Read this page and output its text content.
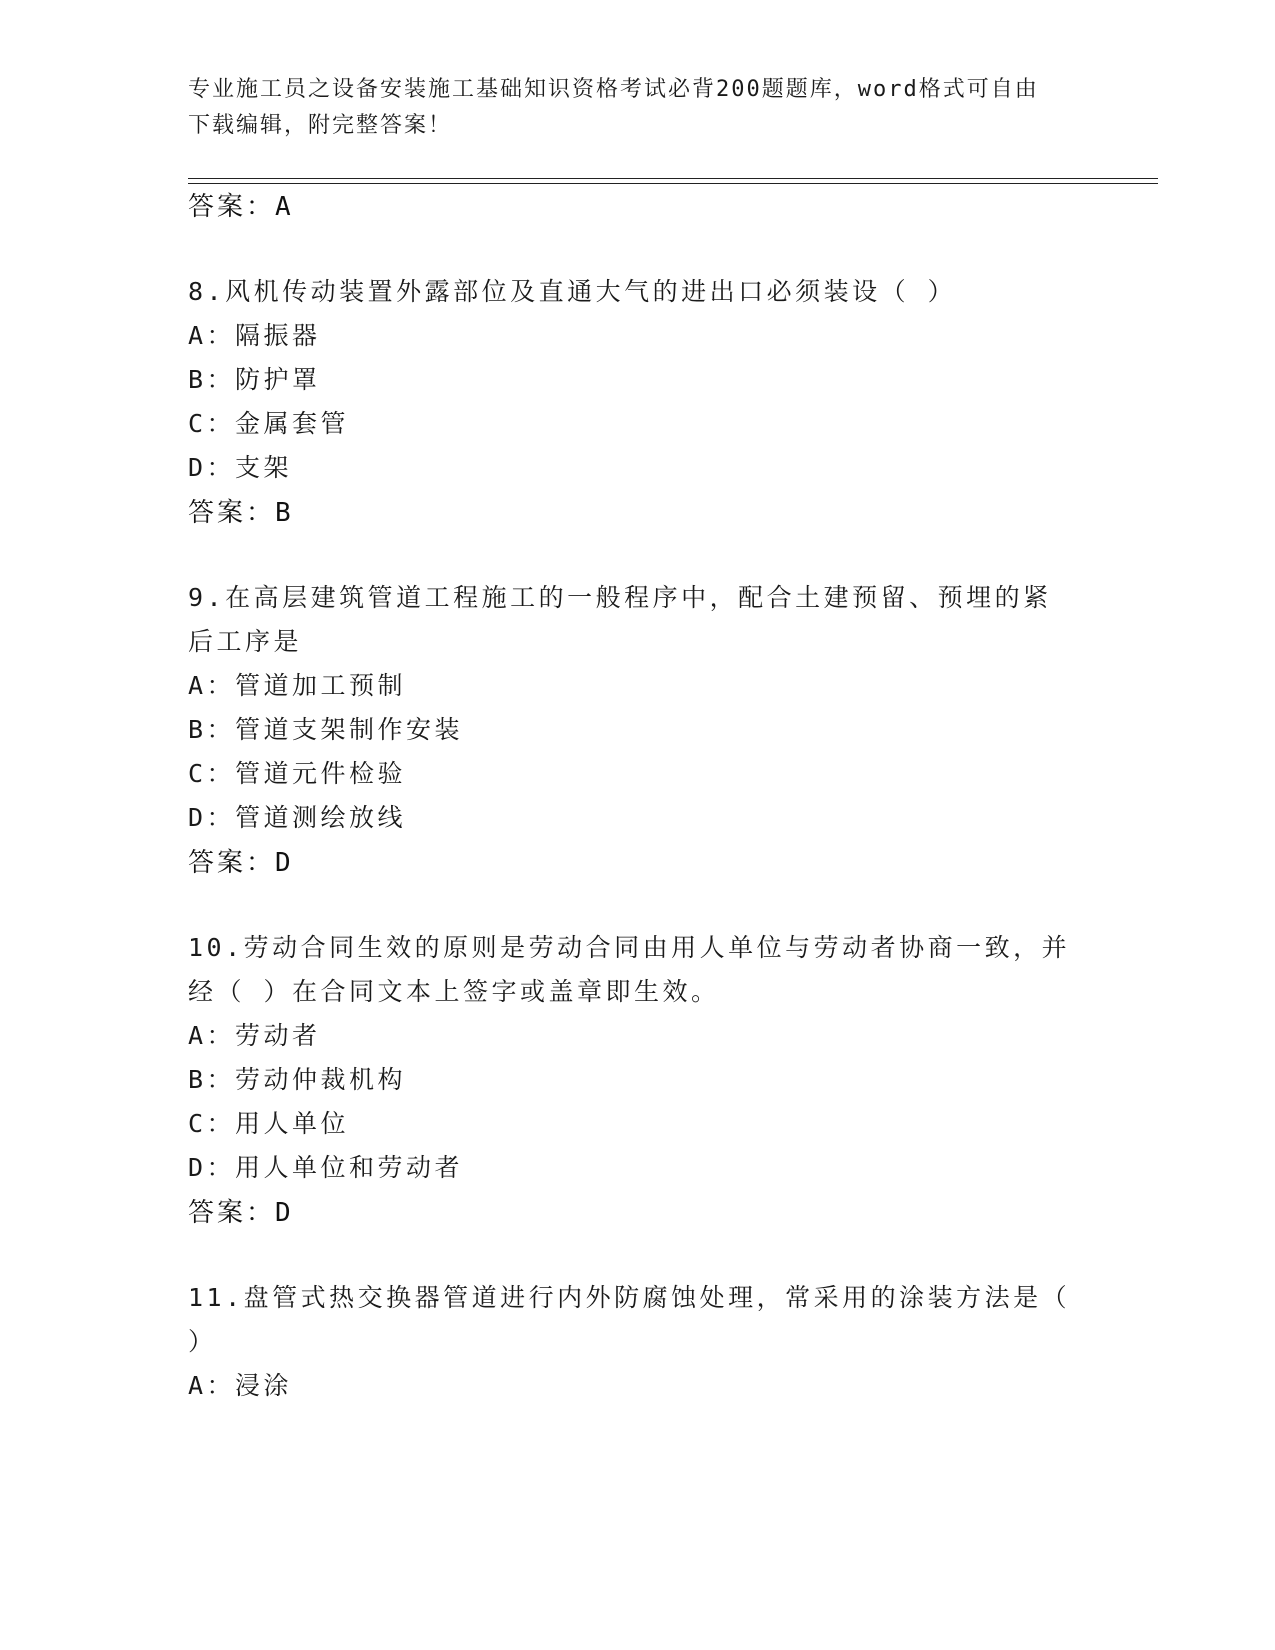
专业施工员之设备安装施工基础知识资格考试必背200题题库，word格式可自由
下载编辑，附完整答案！
答案：A
8.风机传动装置外露部位及直通大气的进出口必须装设（ ）
A：隔振器
B：防护罩
C：金属套管
D：支架
答案：B
9.在高层建筑管道工程施工的一般程序中，配合土建预留、预埋的紧
后工序是
A：管道加工预制
B：管道支架制作安装
C：管道元件检验
D：管道测绘放线
答案：D
10.劳动合同生效的原则是劳动合同由用人单位与劳动者协商一致，并
经（ ）在合同文本上签字或盖章即生效。
A：劳动者
B：劳动仲裁机构
C：用人单位
D：用人单位和劳动者
答案：D
11.盘管式热交换器管道进行内外防腐蚀处理，常采用的涂装方法是（
）
A：浸涂
